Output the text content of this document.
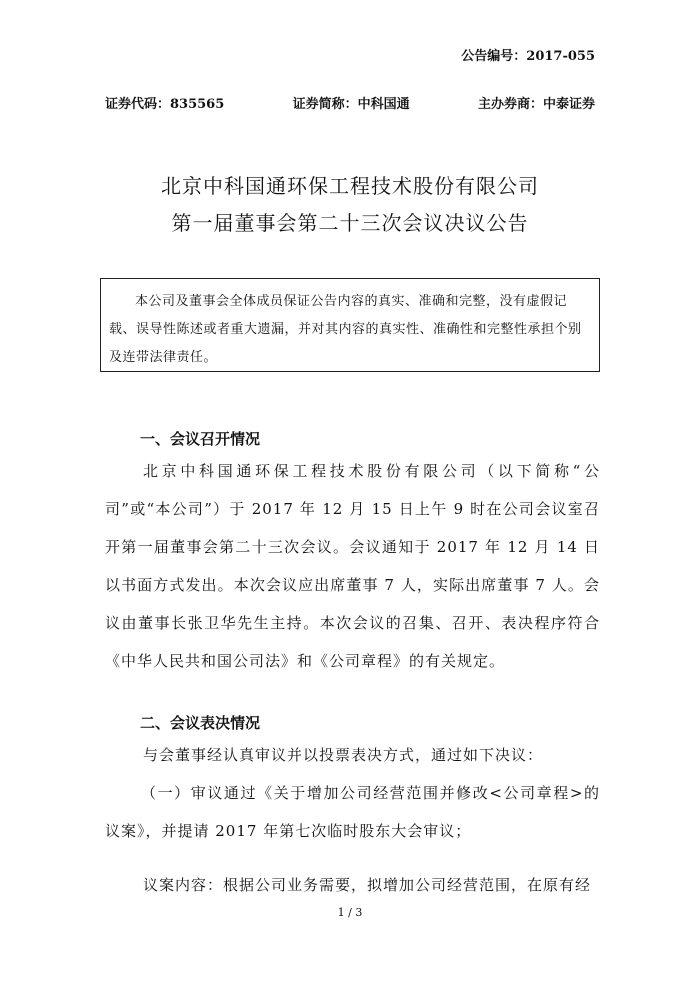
公告编号：2017-055
证券代码：835565	证券简称：中科国通	主办券商：中泰证券
北京中科国通环保工程技术股份有限公司
第一届董事会第二十三次会议决议公告
本公司及董事会全体成员保证公告内容的真实、准确和完整，没有虚假记载、误导性陈述或者重大遗漏，并对其内容的真实性、准确性和完整性承担个别及连带法律责任。
一、会议召开情况
北京中科国通环保工程技术股份有限公司（以下简称“公司”或“本公司”）于 2017 年 12 月 15 日上午 9 时在公司会议室召开第一届董事会第二十三次会议。会议通知于 2017 年 12 月 14 日以书面方式发出。本次会议应出席董事 7 人，实际出席董事 7 人。会议由董事长张卫华先生主持。本次会议的召集、召开、表决程序符合《中华人民共和国公司法》和《公司章程》的有关规定。
二、会议表决情况
与会董事经认真审议并以投票表决方式，通过如下决议：
（一）审议通过《关于增加公司经营范围并修改<公司章程>的议案》，并提请 2017 年第七次临时股东大会审议；
议案内容：根据公司业务需要，拟增加公司经营范围，在原有经
1 / 3
